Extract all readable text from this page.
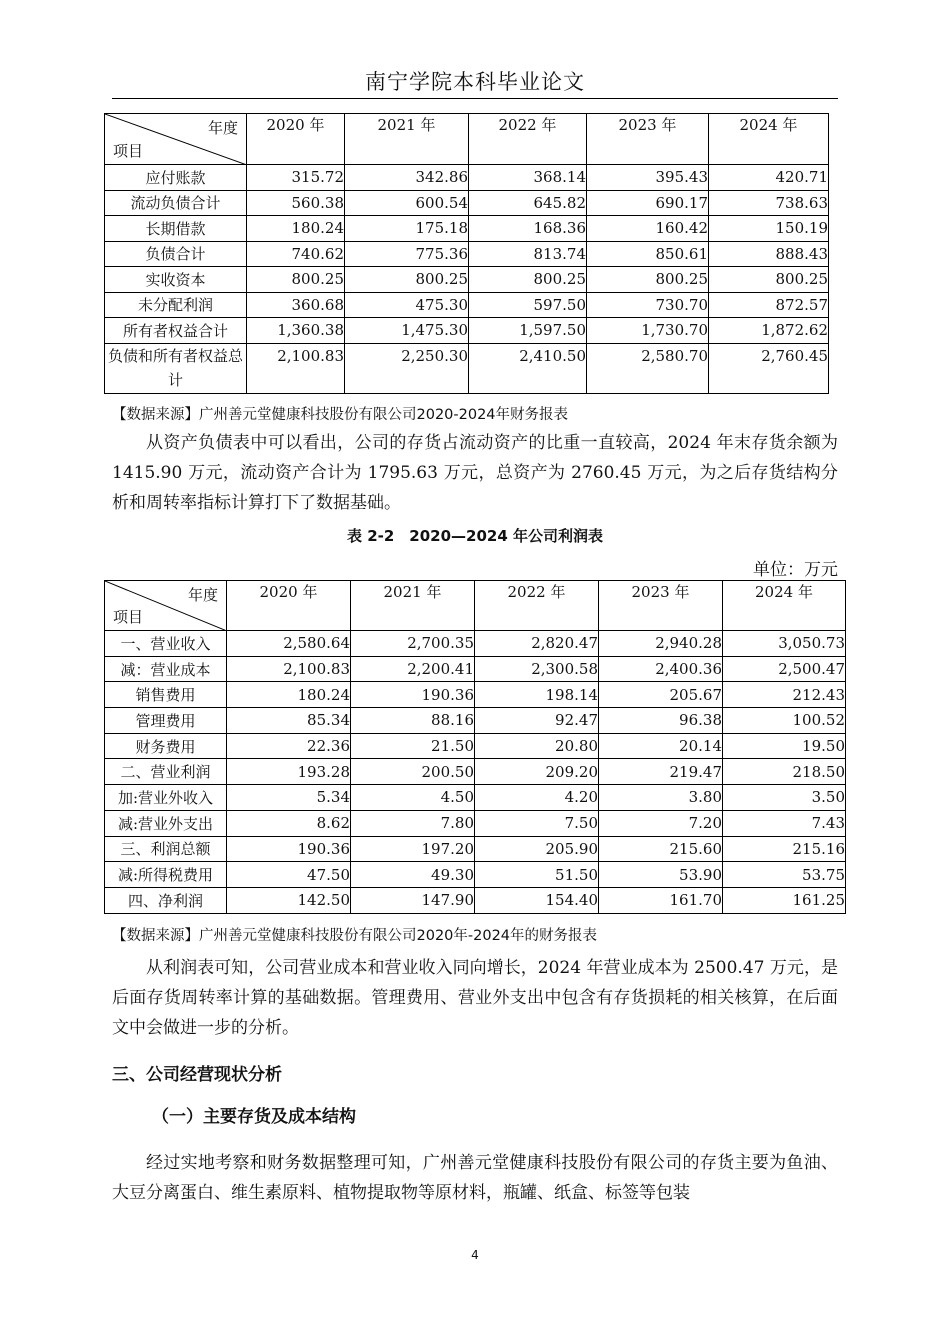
南宁学院本科毕业论文
年度
项目	2020 年	2021 年	2022 年	2023 年	2024 年
应付账款	315.72	342.86	368.14	395.43	420.71
流动负债合计	560.38	600.54	645.82	690.17	738.63
长期借款	180.24	175.18	168.36	160.42	150.19
负债合计	740.62	775.36	813.74	850.61	888.43
实收资本	800.25	800.25	800.25	800.25	800.25
未分配利润	360.68	475.30	597.50	730.70	872.57
所有者权益合计	1,360.38	1,475.30	1,597.50	1,730.70	1,872.62
负债和所有者权益总计	2,100.83	2,250.30	2,410.50	2,580.70	2,760.45
【数据来源】广州善元堂健康科技股份有限公司2020-2024年财务报表

从资产负债表中可以看出，公司的存货占流动资产的比重一直较高，2024 年末存货余额为 1415.90 万元，流动资产合计为 1795.63 万元，总资产为 2760.45 万元，为之后存货结构分析和周转率指标计算打下了数据基础。

表 2-2　2020—2024 年公司利润表
单位：万元
年度
项目	2020 年	2021 年	2022 年	2023 年	2024 年
一、营业收入	2,580.64	2,700.35	2,820.47	2,940.28	3,050.73
减：营业成本	2,100.83	2,200.41	2,300.58	2,400.36	2,500.47
销售费用	180.24	190.36	198.14	205.67	212.43
管理费用	85.34	88.16	92.47	96.38	100.52
财务费用	22.36	21.50	20.80	20.14	19.50
二、营业利润	193.28	200.50	209.20	219.47	218.50
加:营业外收入	5.34	4.50	4.20	3.80	3.50
减:营业外支出	8.62	7.80	7.50	7.20	7.43
三、利润总额	190.36	197.20	205.90	215.60	215.16
减:所得税费用	47.50	49.30	51.50	53.90	53.75
四、净利润	142.50	147.90	154.40	161.70	161.25
【数据来源】广州善元堂健康科技股份有限公司2020年-2024年的财务报表

从利润表可知，公司营业成本和营业收入同向增长，2024 年营业成本为 2500.47 万元，是后面存货周转率计算的基础数据。管理费用、营业外支出中包含有存货损耗的相关核算，在后面文中会做进一步的分析。

三、公司经营现状分析
（一）主要存货及成本结构

经过实地考察和财务数据整理可知，广州善元堂健康科技股份有限公司的存货主要为鱼油、大豆分离蛋白、维生素原料、植物提取物等原材料，瓶罐、纸盒、标签等包装

4
